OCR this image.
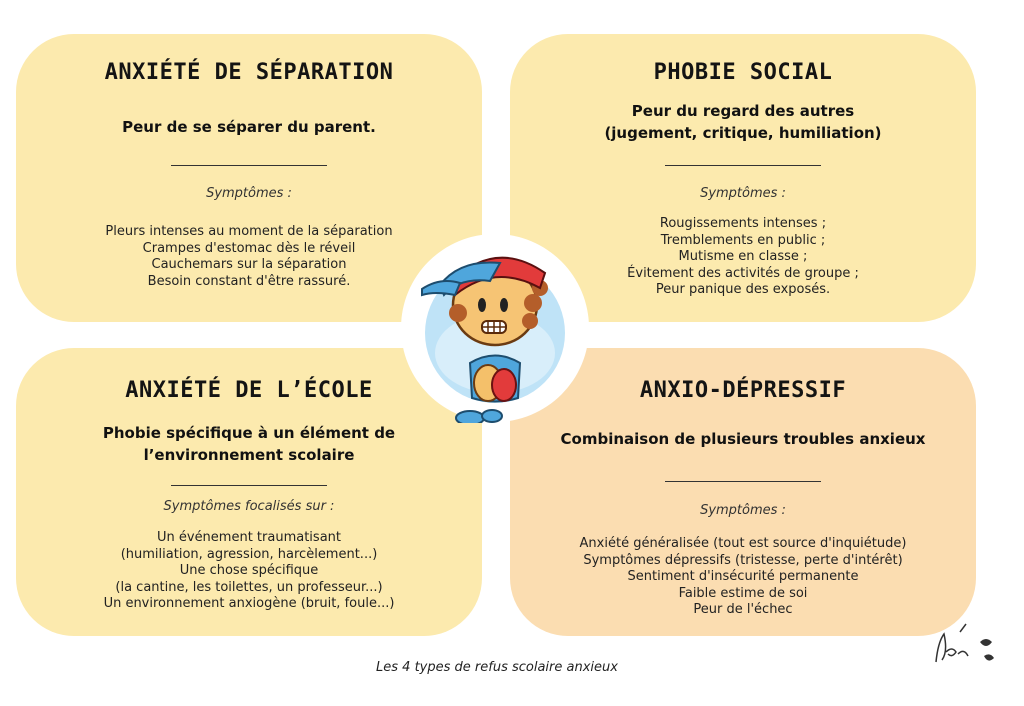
ANXIÉTÉ DE SÉPARATION
Peur de se séparer du parent.
Symptômes :
Pleurs intenses au moment de la séparation
Crampes d'estomac dès le réveil
Cauchemars sur la séparation
Besoin constant d'être rassuré.
PHOBIE SOCIAL
Peur du regard des autres
(jugement, critique, humiliation)
Symptômes :
Rougissements intenses ;
Tremblements en public ;
Mutisme en classe ;
Évitement des activités de groupe ;
Peur panique des exposés.
ANXIÉTÉ DE L’ÉCOLE
Phobie spécifique à un élément de
l’environnement scolaire
Symptômes focalisés sur :
Un événement traumatisant
(humiliation, agression, harcèlement...)
Une chose spécifique
(la cantine, les toilettes, un professeur...)
Un environnement anxiogène (bruit, foule...)
ANXIO-DÉPRESSIF
Combinaison de plusieurs troubles anxieux
Symptômes :
Anxiété généralisée (tout est source d'inquiétude)
Symptômes dépressifs (tristesse, perte d'intérêt)
Sentiment d'insécurité permanente
Faible estime de soi
Peur de l'échec
Les 4 types de refus scolaire anxieux
